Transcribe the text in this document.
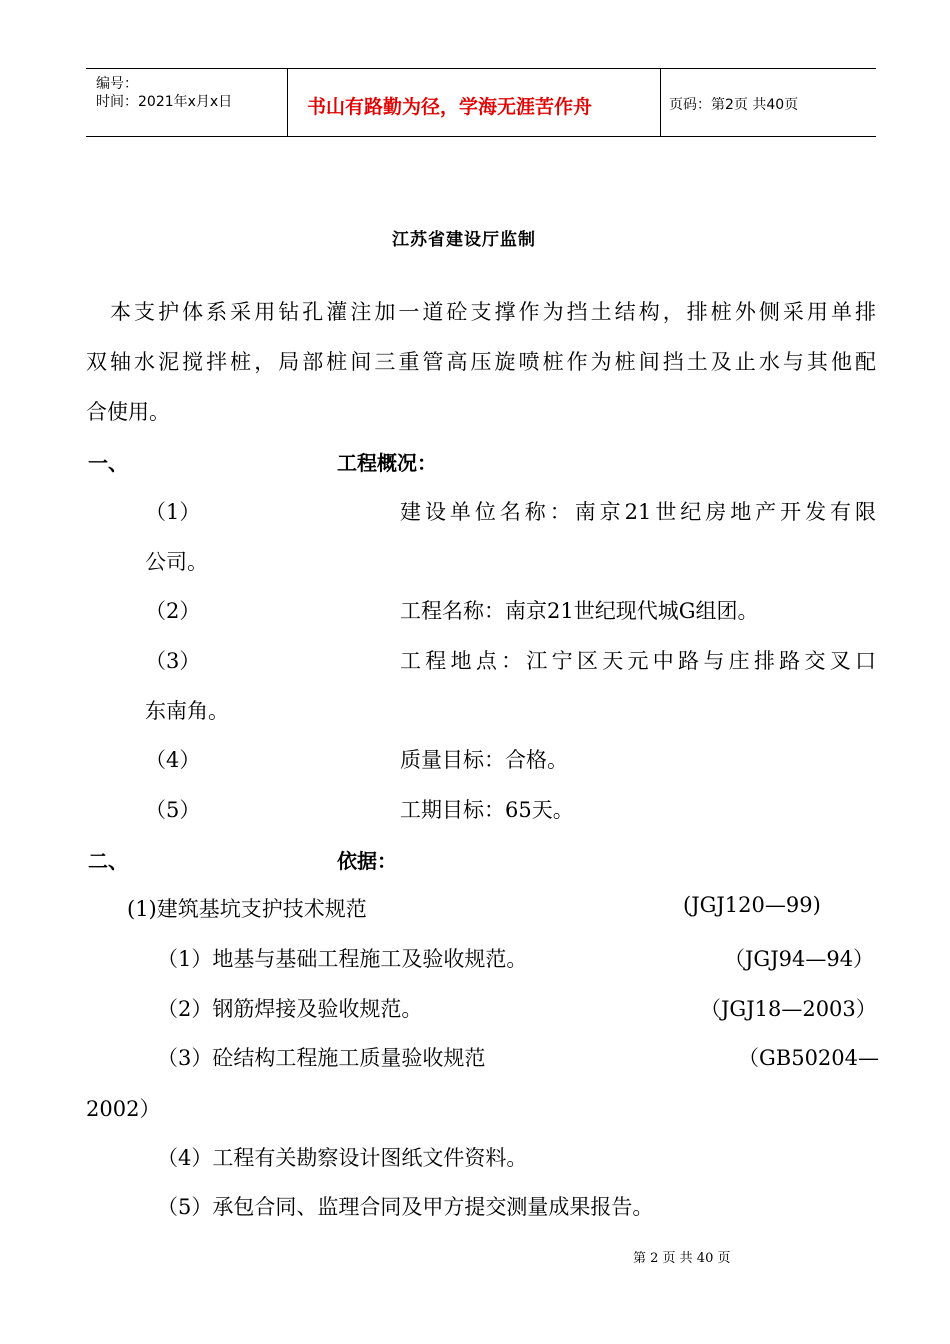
编号：
时间：2021年x月x日	书山有路勤为径，学海无涯苦作舟	页码：第2页 共40页
江苏省建设厅监制
本支护体系采用钻孔灌注加一道砼支撑作为挡土结构，排桩外侧采用单排
双轴水泥搅拌桩，局部桩间三重管高压旋喷桩作为桩间挡土及止水与其他配
合使用。
一、	工程概况：
（1）	建设单位名称：南京21世纪房地产开发有限
公司。
（2）	工程名称：南京21世纪现代城G组团。
（3）	工程地点：江宁区天元中路与庄排路交叉口
东南角。
（4）	质量目标：合格。
（5）	工期目标：65天。
二、	依据：
(1)建筑基坑支护技术规范	(JGJ120—99)
（1）地基与基础工程施工及验收规范。	（JGJ94—94）
（2）钢筋焊接及验收规范。	（JGJ18—2003）
（3）砼结构工程施工质量验收规范	（GB50204—
2002）
（4）工程有关勘察设计图纸文件资料。
（5）承包合同、监理合同及甲方提交测量成果报告。
第 2 页 共 40 页
